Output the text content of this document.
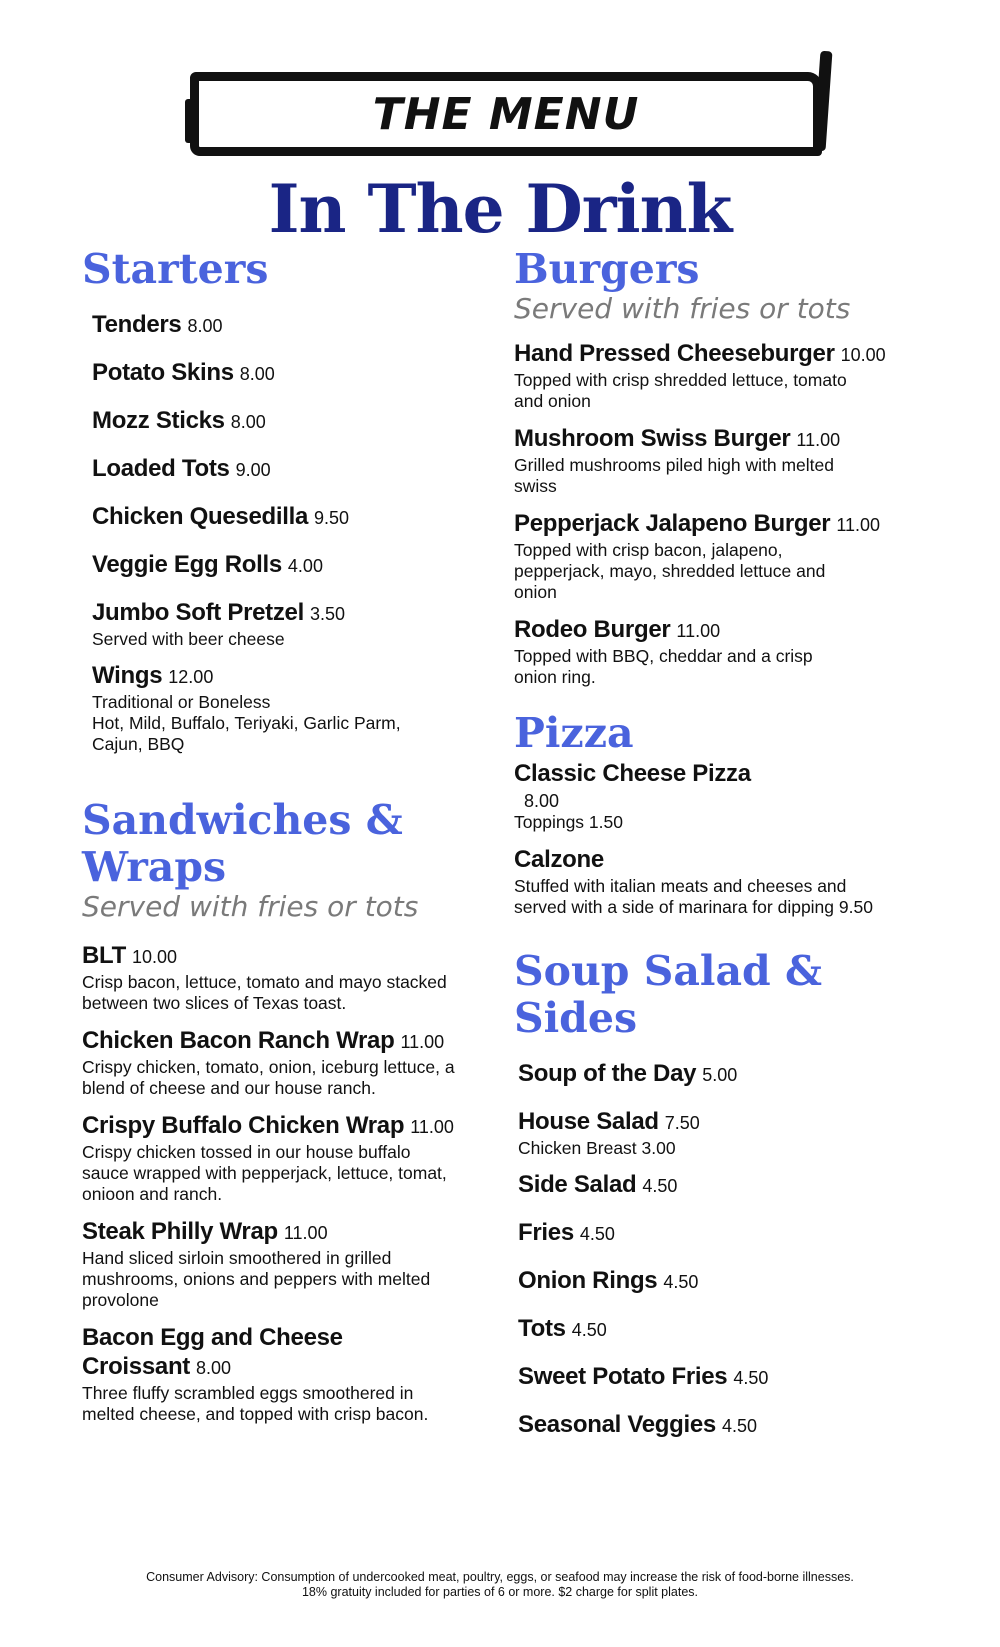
THE MENU
In The Drink
Starters
Tenders 8.00
Potato Skins 8.00
Mozz Sticks 8.00
Loaded Tots 9.00
Chicken Quesedilla 9.50
Veggie Egg Rolls 4.00
Jumbo Soft Pretzel 3.50
Served with beer cheese
Wings 12.00
Traditional or Boneless
Hot, Mild, Buffalo, Teriyaki, Garlic Parm,
Cajun, BBQ
Sandwiches &
Wraps

Served with fries or tots

BLT 10.00
Crisp bacon, lettuce, tomato and mayo stacked
between two slices of Texas toast.
Chicken Bacon Ranch Wrap 11.00
Crispy chicken, tomato, onion, iceburg lettuce, a
blend of cheese and our house ranch.
Crispy Buffalo Chicken Wrap 11.00
Crispy chicken tossed in our house buffalo
sauce wrapped with pepperjack, lettuce, tomat,
onioon and ranch.
Steak Philly Wrap 11.00
Hand sliced sirloin smoothered in grilled
mushrooms, onions and peppers with melted
provolone
Bacon Egg and Cheese
Croissant 8.00
Three fluffy scrambled eggs smoothered in
melted cheese, and topped with crisp bacon.
Burgers

Served with fries or tots

Hand Pressed Cheeseburger 10.00
Topped with crisp shredded lettuce, tomato
and onion
Mushroom Swiss Burger 11.00
Grilled mushrooms piled high with melted
swiss
Pepperjack Jalapeno Burger 11.00
Topped with crisp bacon, jalapeno,
pepperjack, mayo, shredded lettuce and
onion
Rodeo Burger 11.00
Topped with BBQ, cheddar and a crisp
onion ring.
Pizza
Classic Cheese Pizza
8.00
Toppings 1.50
Calzone
Stuffed with italian meats and cheeses and
served with a side of marinara for dipping 9.50
Soup Salad &
Sides
Soup of the Day 5.00
House Salad 7.50
Chicken Breast 3.00
Side Salad 4.50
Fries 4.50
Onion Rings 4.50
Tots 4.50
Sweet Potato Fries 4.50
Seasonal Veggies 4.50
Consumer Advisory: Consumption of undercooked meat, poultry, eggs, or seafood may increase the risk of food-borne illnesses.
18% gratuity included for parties of 6 or more. $2 charge for split plates.
